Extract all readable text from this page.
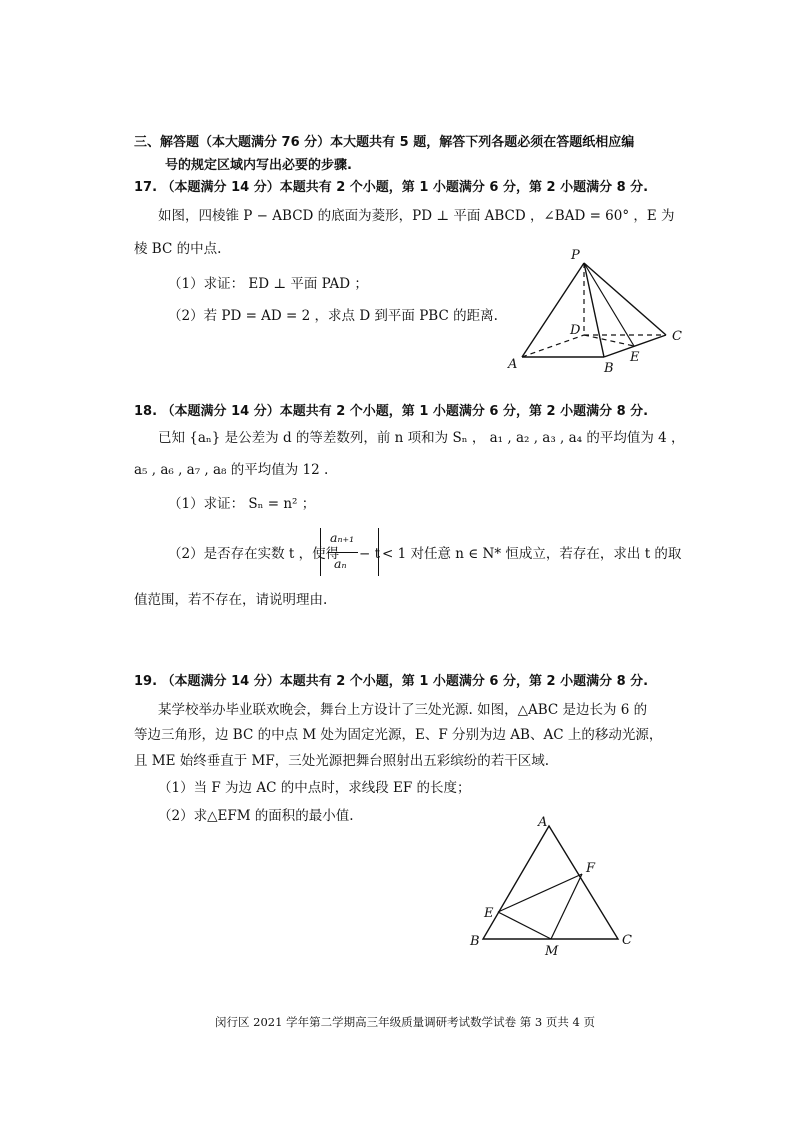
三、解答题（本大题满分 76 分）本大题共有 5 题，解答下列各题必须在答题纸相应编
号的规定区域内写出必要的步骤.
17. （本题满分 14 分）本题共有 2 个小题，第 1 小题满分 6 分，第 2 小题满分 8 分.
如图，四棱锥 P − ABCD 的底面为菱形，PD ⊥ 平面 ABCD ，∠BAD = 60° ，E 为
棱 BC 的中点.
（1）求证： ED ⊥ 平面 PAD ；
（2）若 PD = AD = 2 ，求点 D 到平面 PBC 的距离.
P
A	B
C
D
E
18. （本题满分 14 分）本题共有 2 个小题，第 1 小题满分 6 分，第 2 小题满分 8 分.
已知 {aₙ} 是公差为 d 的等差数列，前 n 项和为 Sₙ ， a₁ , a₂ , a₃ , a₄ 的平均值为 4 ，
a₅ , a₆ , a₇ , a₈ 的平均值为 12 .
（1）求证： Sₙ = n² ；
（2）是否存在实数 t ，使得
aₙ₊₁
aₙ
− t < 1 对任意 n ∈ N* 恒成立，若存在，求出 t 的取
值范围，若不存在，请说明理由.
19. （本题满分 14 分）本题共有 2 个小题，第 1 小题满分 6 分，第 2 小题满分 8 分.
某学校举办毕业联欢晚会，舞台上方设计了三处光源. 如图，△ABC 是边长为 6 的
等边三角形，边 BC 的中点 M 处为固定光源，E、F 分别为边 AB、AC 上的移动光源，
且 ME 始终垂直于 MF，三处光源把舞台照射出五彩缤纷的若干区域.
（1）当 F 为边 AC 的中点时，求线段 EF 的长度；
（2）求△EFM 的面积的最小值.	A
B	C
E
F
M
闵行区 2021 学年第二学期高三年级质量调研考试数学试卷 第 3 页共 4 页
